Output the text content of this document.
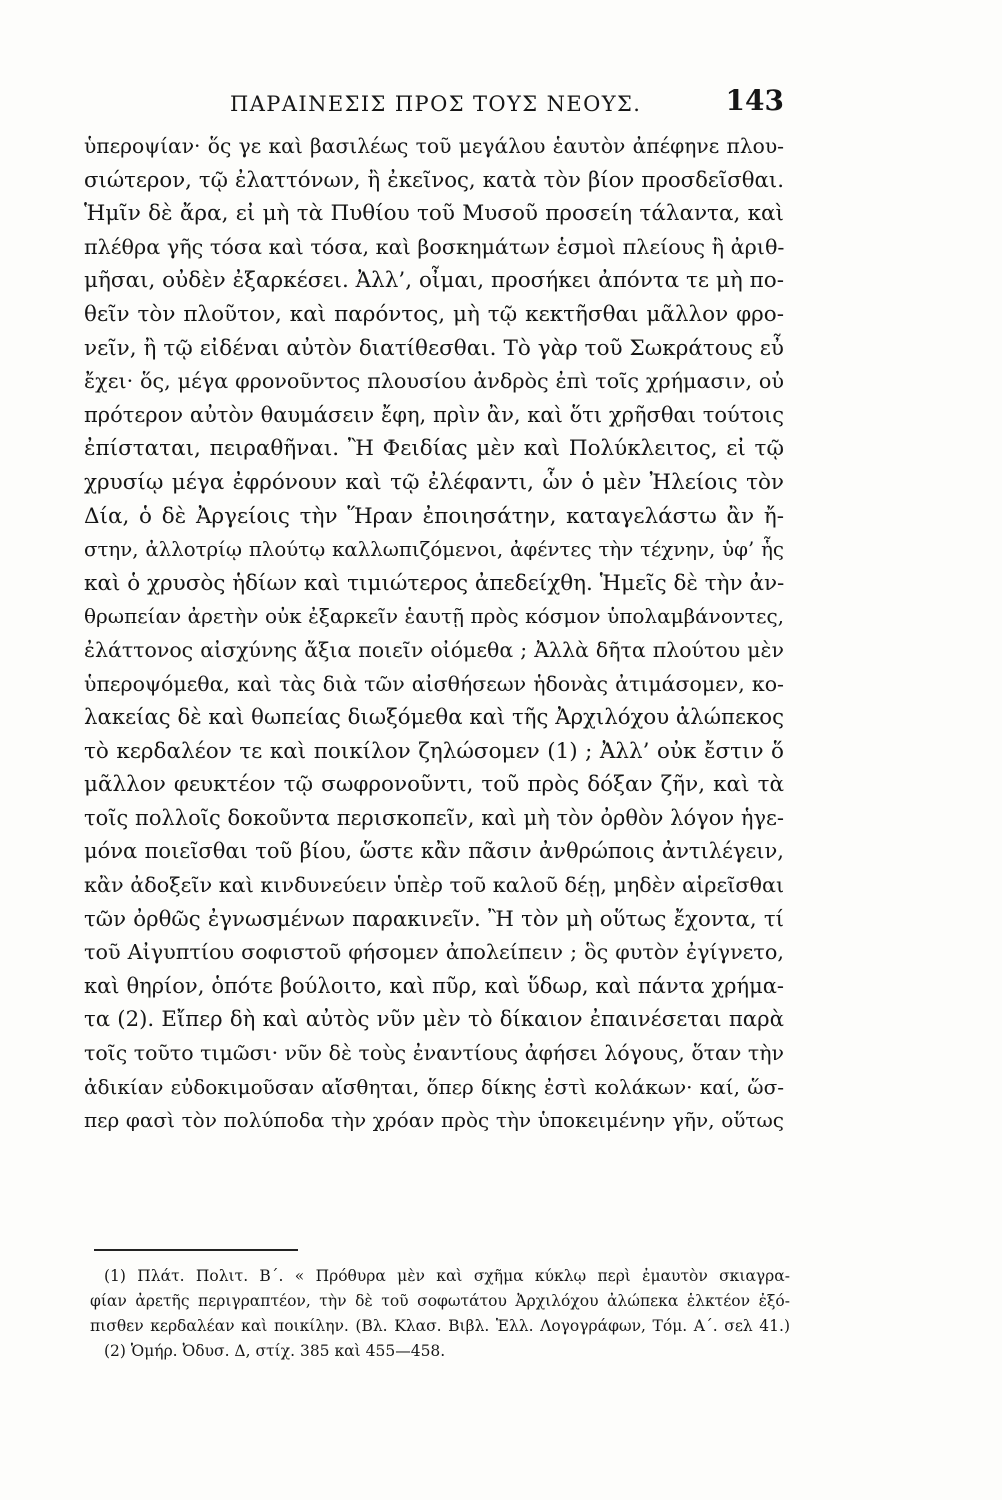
ΠΑΡΑΙΝΕΣΙΣ ΠΡΟΣ ΤΟΥΣ ΝΕΟΥΣ.	143
ὑπεροψίαν· ὅς γε καὶ βασιλέως τοῦ μεγάλου ἑαυτὸν ἀπέφηνε πλου-
σιώτερον, τῷ ἐλαττόνων, ἢ ἐκεῖνος, κατὰ τὸν βίον προσδεῖσθαι.
Ἡμῖν δὲ ἄρα, εἰ μὴ τὰ Πυθίου τοῦ Μυσοῦ προσείη τάλαντα, καὶ
πλέθρα γῆς τόσα καὶ τόσα, καὶ βοσκημάτων ἑσμοὶ πλείους ἢ ἀριθ-
μῆσαι, οὐδὲν ἐξαρκέσει. Ἀλλ’, οἶμαι, προσήκει ἀπόντα τε μὴ πο-
θεῖν τὸν πλοῦτον, καὶ παρόντος, μὴ τῷ κεκτῆσθαι μᾶλλον φρο-
νεῖν, ἢ τῷ εἰδέναι αὐτὸν διατίθεσθαι. Τὸ γὰρ τοῦ Σωκράτους εὖ
ἔχει· ὅς, μέγα φρονοῦντος πλουσίου ἀνδρὸς ἐπὶ τοῖς χρήμασιν, οὐ
πρότερον αὐτὸν θαυμάσειν ἔφη, πρὶν ἂν, καὶ ὅτι χρῆσθαι τούτοις
ἐπίσταται, πειραθῆναι. Ἢ Φειδίας μὲν καὶ Πολύκλειτος, εἰ τῷ
χρυσίῳ μέγα ἐφρόνουν καὶ τῷ ἐλέφαντι, ὧν ὁ μὲν Ἠλείοις τὸν
Δία, ὁ δὲ Ἀργείοις τὴν Ἥραν ἐποιησάτην, καταγελάστω ἂν ἤ-
στην, ἀλλοτρίῳ πλούτῳ καλλωπιζόμενοι, ἀφέντες τὴν τέχνην, ὑφ’ ἧς
καὶ ὁ χρυσὸς ἡδίων καὶ τιμιώτερος ἀπεδείχθη. Ἡμεῖς δὲ τὴν ἀν-
θρωπείαν ἀρετὴν οὐκ ἐξαρκεῖν ἑαυτῇ πρὸς κόσμον ὑπολαμβάνοντες,
ἐλάττονος αἰσχύνης ἄξια ποιεῖν οἰόμεθα ; Ἀλλὰ δῆτα πλούτου μὲν
ὑπεροψόμεθα, καὶ τὰς διὰ τῶν αἰσθήσεων ἡδονὰς ἀτιμάσομεν, κο-
λακείας δὲ καὶ θωπείας διωξόμεθα καὶ τῆς Ἀρχιλόχου ἀλώπεκος
τὸ κερδαλέον τε καὶ ποικίλον ζηλώσομεν (1) ; Ἀλλ’ οὐκ ἔστιν ὅ
μᾶλλον φευκτέον τῷ σωφρονοῦντι, τοῦ πρὸς δόξαν ζῆν, καὶ τὰ
τοῖς πολλοῖς δοκοῦντα περισκοπεῖν, καὶ μὴ τὸν ὀρθὸν λόγον ἡγε-
μόνα ποιεῖσθαι τοῦ βίου, ὥστε κἂν πᾶσιν ἀνθρώποις ἀντιλέγειν,
κἂν ἀδοξεῖν καὶ κινδυνεύειν ὑπὲρ τοῦ καλοῦ δέῃ, μηδὲν αἱρεῖσθαι
τῶν ὀρθῶς ἐγνωσμένων παρακινεῖν. Ἢ τὸν μὴ οὕτως ἔχοντα, τί
τοῦ Αἰγυπτίου σοφιστοῦ φήσομεν ἀπολείπειν ; ὃς φυτὸν ἐγίγνετο,
καὶ θηρίον, ὁπότε βούλοιτο, καὶ πῦρ, καὶ ὕδωρ, καὶ πάντα χρήμα-
τα (2). Εἴπερ δὴ καὶ αὐτὸς νῦν μὲν τὸ δίκαιον ἐπαινέσεται παρὰ
τοῖς τοῦτο τιμῶσι· νῦν δὲ τοὺς ἐναντίους ἀφήσει λόγους, ὅταν τὴν
ἀδικίαν εὐδοκιμοῦσαν αἴσθηται, ὅπερ δίκης ἐστὶ κολάκων· καί, ὥσ-
περ φασὶ τὸν πολύποδα τὴν χρόαν πρὸς τὴν ὑποκειμένην γῆν, οὕτως
(1) Πλάτ. Πολιτ. Β΄. « Πρόθυρα μὲν καὶ σχῆμα κύκλῳ περὶ ἐμαυτὸν σκιαγρα-
φίαν ἀρετῆς περιγραπτέον, τὴν δὲ τοῦ σοφωτάτου Ἀρχιλόχου ἀλώπεκα ἑλκτέον ἐξό-
πισθεν κερδαλέαν καὶ ποικίλην. (Βλ. Κλασ. Βιβλ. Ἑλλ. Λογογράφων, Τόμ. Α΄. σελ 41.)
(2) Ὁμήρ. Ὀδυσ. Δ, στίχ. 385 καὶ 455—458.
